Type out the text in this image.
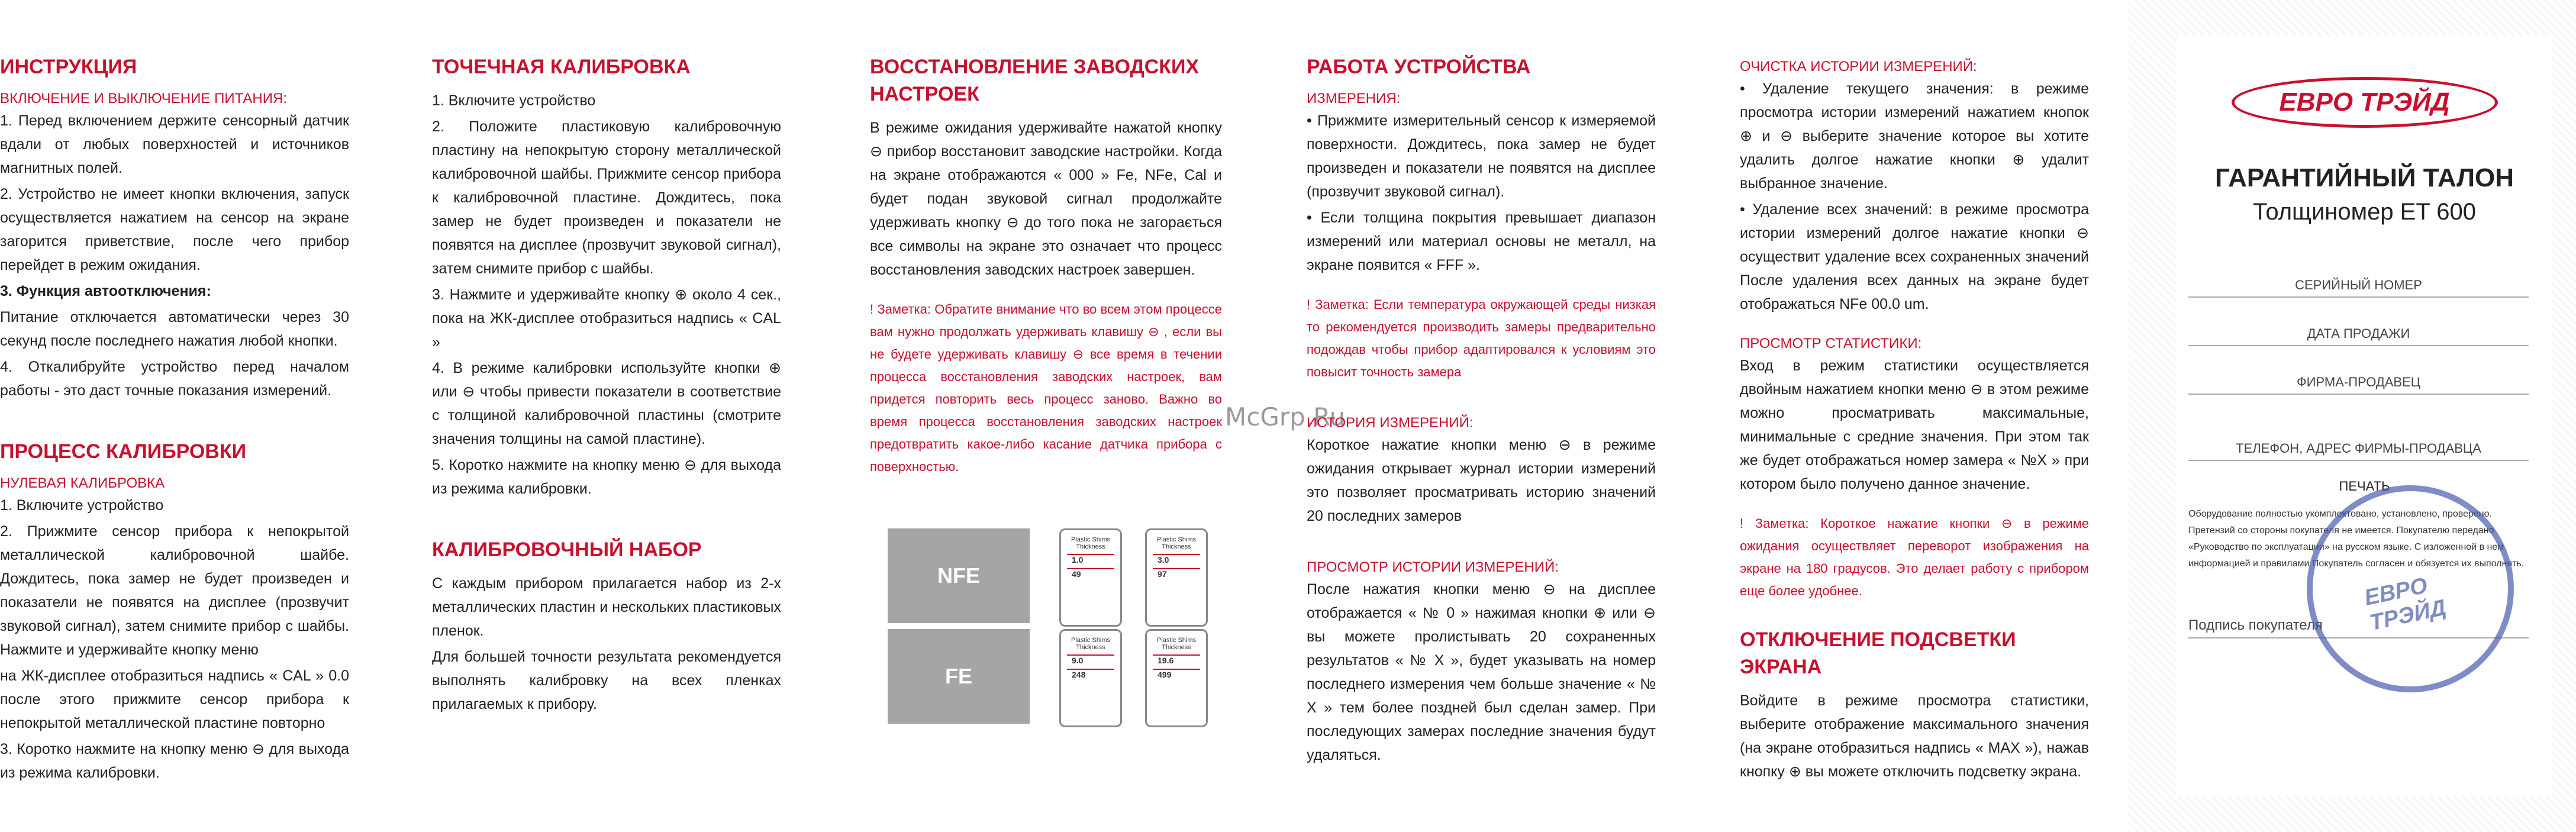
ИНСТРУКЦИЯ
ВКЛЮЧЕНИЕ И ВЫКЛЮЧЕНИЕ ПИТАНИЯ:
1. Перед включением держите сенсорный датчик вдали от любых поверхностей и источников магнитных полей.
2. Устройство не имеет кнопки включения, запуск осуществляется нажатием на сенсор на экране загорится приветствие, после чего прибор перейдет в режим ожидания.
3. Функция автоотключения:
Питание отключается автоматически через 30 секунд после последнего нажатия любой кнопки.
4. Откалибруйте устройство перед началом работы - это даст точные показания измерений.
ПРОЦЕСС КАЛИБРОВКИ
НУЛЕВАЯ КАЛИБРОВКА
1. Включите устройство
2. Прижмите сенсор прибора к непокрытой металлической калибровочной шайбе. Дождитесь, пока замер не будет произведен и показатели не появятся на дисплее (прозвучит звуковой сигнал), затем снимите прибор с шайбы. Нажмите и удерживайте кнопку меню
на ЖК-дисплее отобразиться надпись « CAL » 0.0 после этого прижмите сенсор прибора к непокрытой металлической пластине повторно
3. Коротко нажмите на кнопку меню ⊖ для выхода из режима калибровки.
ТОЧЕЧНАЯ КАЛИБРОВКА
1. Включите устройство
2. Положите пластиковую калибровочную пластину на непокрытую сторону металлической калибровочной шайбы. Прижмите сенсор прибора к калибровочной пластине. Дождитесь, пока замер не будет произведен и показатели не появятся на дисплее (прозвучит звуковой сигнал), затем снимите прибор с шайбы.
3. Нажмите и удерживайте кнопку ⊕ около 4 сек., пока на ЖК-дисплее отобразиться надпись « CAL »
4. В режиме калибровки используйте кнопки ⊕ или ⊖ чтобы привести показатели в соответствие с толщиной калибровочной пластины (смотрите значения толщины на самой пластине).
5. Коротко нажмите на кнопку меню ⊖ для выхода из режима калибровки.
КАЛИБРОВОЧНЫЙ НАБОР
С каждым прибором прилагается набор из 2-х металлических пластин и нескольких пластиковых пленок.
Для большей точности результата рекомендуется выполнять калибровку на всех пленках прилагаемых к прибору.
ВОССТАНОВЛЕНИЕ ЗАВОДСКИХ НАСТРОЕК
В режиме ожидания удерживайте нажатой кнопку ⊖ прибор восстановит заводские настройки. Когда на экране отображаются « 000 » Fe, NFe, Cal и будет подан звуковой сигнал продолжайте удерживать кнопку ⊖ до того пока не загорається все символы на экране это означает что процесс восстановления заводских настроек завершен.
! Заметка: Обратите внимание что во всем этом процессе вам нужно продолжать удерживать клавишу ⊖ , если вы не будете удерживать клавишу ⊖ все время в течении процесса восстановления заводских настроек, вам придется повторить весь процесс заново. Важно во время процесса восстановления заводских настроек предотвратить какое-либо касание датчика прибора с поверхностью.
NFE
FE
Plastic Shims Thickness
1.0
49
Plastic Shims Thickness
3.0
97
Plastic Shims Thickness
9.0
248
Plastic Shims Thickness
19.6
499
McGrp.Ru
РАБОТА УСТРОЙСТВА
ИЗМЕРЕНИЯ:
• Прижмите измерительный сенсор к измеряемой поверхности. Дождитесь, пока замер не будет произведен и показатели не появятся на дисплее (прозвучит звуковой сигнал).
• Если толщина покрытия превышает диапазон измерений или материал основы не металл, на экране появится « FFF ».
! Заметка: Если температура окружающей среды низкая то рекомендуется производить замеры предварительно подождав чтобы прибор адаптировался к условиям это повысит точность замера
ИСТОРИЯ ИЗМЕРЕНИЙ:
Короткое нажатие кнопки меню ⊖ в режиме ожидания открывает журнал истории измерений это позволяет просматривать историю значений 20 последних замеров
ПРОСМОТР ИСТОРИИ ИЗМЕРЕНИЙ:
После нажатия кнопки меню ⊖ на дисплее отображается « № 0 » нажимая кнопки ⊕ или ⊖ вы можете пролистывать 20 сохраненных результатов « № X », будет указывать на номер последнего измерения чем больше значение « № X » тем более поздней был сделан замер. При последующих замерах последние значения будут удаляться.
ОЧИСТКА ИСТОРИИ ИЗМЕРЕНИЙ:
• Удаление текущего значения: в режиме просмотра истории измерений нажатием кнопок ⊕ и ⊖ выберите значение которое вы хотите удалить долгое нажатие кнопки ⊕ удалит выбранное значение.
• Удаление всех значений: в режиме просмотра истории измерений долгое нажатие кнопки ⊖ осуществит удаление всех сохраненных значений После удаления всех данных на экране будет отображаться NFe 00.0 um.
ПРОСМОТР СТАТИСТИКИ:
Вход в режим статистики осуществляется двойным нажатием кнопки меню ⊖ в этом режиме можно просматривать максимальные, минимальные с средние значения. При этом так же будет отображаться номер замера « №Х » при котором было получено данное значение.
! Заметка: Короткое нажатие кнопки ⊖ в режиме ожидания осуществляет переворот изображения на экране на 180 градусов. Это делает работу с прибором еще более удобнее.
ОТКЛЮЧЕНИЕ ПОДСВЕТКИ ЭКРАНА
Войдите в режиме просмотра статистики, выберите отображение максимального значения (на экране отобразиться надпись « MAX »), нажав кнопку ⊕ вы можете отключить подсветку экрана.
ЕВРО ТРЭЙД
ГАРАНТИЙНЫЙ ТАЛОН
Толщиномер ET 600
СЕРИЙНЫЙ НОМЕР
ДАТА ПРОДАЖИ
ФИРМА-ПРОДАВЕЦ
ТЕЛЕФОН, АДРЕС ФИРМЫ-ПРОДАВЦА
ПЕЧАТЬ
Оборудование полностью укомплектовано, установлено, проверено. Претензий со стороны покупателя не имеется. Покупателю передано «Руководство по эксплуатации» на русском языке. С изложенной в нем информацией и правилами Покупатель согласен и обязуется их выполнять.
Подпись покупателя
ЕВРО ТРЭЙД
